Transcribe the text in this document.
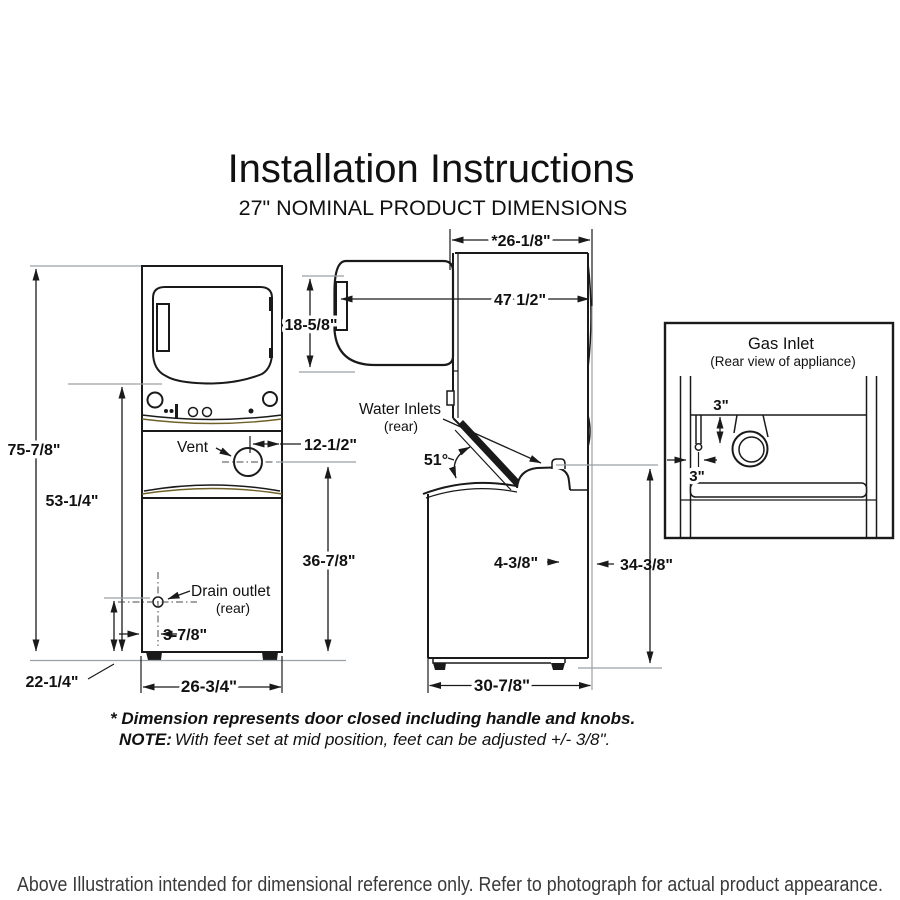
Installation Instructions
27" NOMINAL PRODUCT DIMENSIONS
75-7/8"
53-1/4"
22-1/4"	26-3/4"
12-1/2"
3-7/8"
36-7/8"
Vent
Drain outlet
(rear)
*26-1/8"
47 1/2"
18-5/8"
Water Inlets
(rear)
51°
4-3/8"	34-3/8"
30-7/8"
Gas Inlet
(Rear view of appliance)
3"
3"
* Dimension represents door closed including handle and knobs.
NOTE: With feet set at mid position, feet can be adjusted +/- 3/8".
Above Illustration intended for dimensional reference only. Refer to photograph for actual product appearance.
